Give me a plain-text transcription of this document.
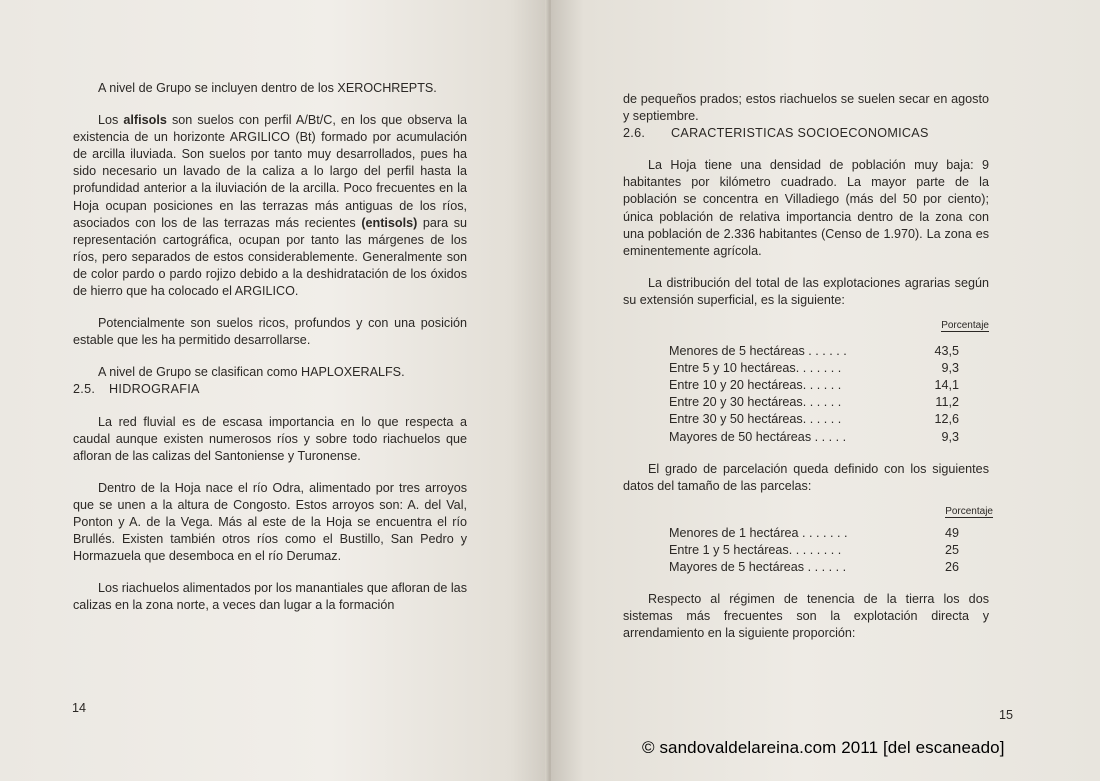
A nivel de Grupo se incluyen dentro de los XEROCHREPTS.

Los alfisols son suelos con perfil A/Bt/C, en los que observa la existencia de un horizonte ARGILICO (Bt) formado por acumulación de arcilla iluviada. Son suelos por tanto muy desarrollados, pues ha sido necesario un lavado de la caliza a lo largo del perfil hasta la profundidad anterior a la iluviación de la arcilla. Poco frecuentes en la Hoja ocupan posiciones en las terrazas más antiguas de los ríos, asociados con los de las terrazas más recientes (entisols) para su representación cartográfica, ocupan por tanto las márgenes de los ríos, pero separados de estos considerablemente. Generalmente son de color pardo o pardo rojizo debido a la deshidratación de los óxidos de hierro que ha colocado el ARGILICO.

Potencialmente son suelos ricos, profundos y con una posición estable que les ha permitido desarrollarse.

A nivel de Grupo se clasifican como HAPLOXERALFS.

2.5. HIDROGRAFIA

La red fluvial es de escasa importancia en lo que respecta a caudal aunque existen numerosos ríos y sobre todo riachuelos que afloran de las calizas del Santoniense y Turonense.

Dentro de la Hoja nace el río Odra, alimentado por tres arroyos que se unen a la altura de Congosto. Estos arroyos son: A. del Val, Ponton y A. de la Vega. Más al este de la Hoja se encuentra el río Brullés. Existen también otros ríos como el Bustillo, San Pedro y Hormazuela que desemboca en el río Derumaz.

Los riachuelos alimentados por los manantiales que afloran de las calizas en la zona norte, a veces dan lugar a la formación

14

de pequeños prados; estos riachuelos se suelen secar en agosto y septiembre.

2.6. CARACTERISTICAS SOCIOECONOMICAS

La Hoja tiene una densidad de población muy baja: 9 habitantes por kilómetro cuadrado. La mayor parte de la población se concentra en Villadiego (más del 50 por ciento); única población de relativa importancia dentro de la zona con una población de 2.336 habitantes (Censo de 1.970). La zona es eminentemente agrícola.

La distribución del total de las explotaciones agrarias según su extensión superficial, es la siguiente:

Porcentaje
Menores de 5 hectáreas . . . . . .	43,5
Entre 5 y 10 hectáreas. . . . . . .	9,3
Entre 10 y 20 hectáreas. . . . . .	14,1
Entre 20 y 30 hectáreas. . . . . .	11,2
Entre 30 y 50 hectáreas. . . . . .	12,6
Mayores de 50 hectáreas . . . . .	9,3

El grado de parcelación queda definido con los siguientes datos del tamaño de las parcelas:

Porcentaje
Menores de 1 hectárea . . . . . . .	49
Entre 1 y 5 hectáreas. . . . . . . .	25
Mayores de 5 hectáreas . . . . . .	26

Respecto al régimen de tenencia de la tierra los dos sistemas más frecuentes son la explotación directa y arrendamiento en la siguiente proporción:

15
© sandovaldelareina.com 2011 [del escaneado]
